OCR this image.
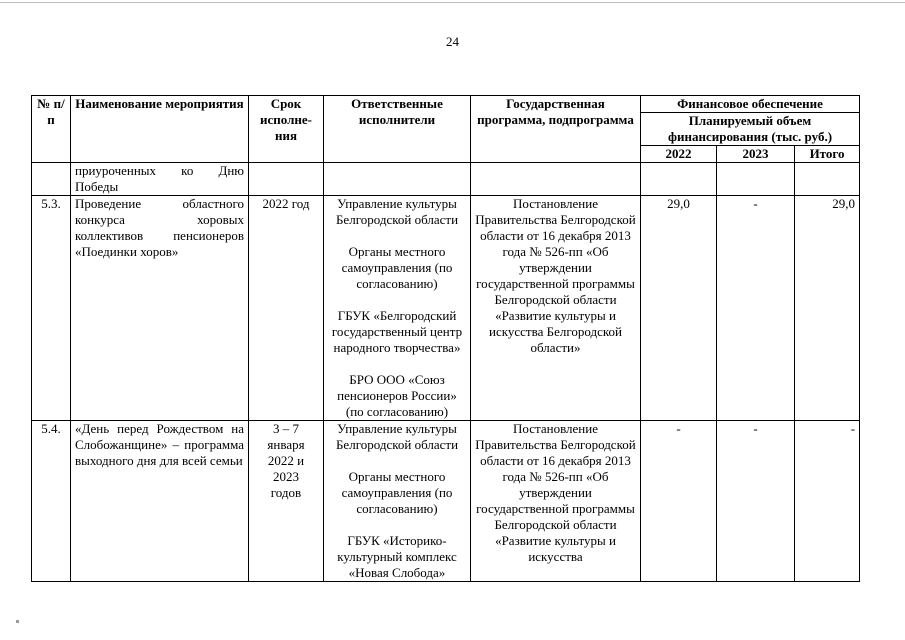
24
№ п/п	Наименование мероприятия	Срок исполне-ния	Ответственные исполнители	Государственная программа, подпрограмма	Финансовое обеспечение		
					Планируемый объем финансирования (тыс. руб.)		
					2022	2023	Итого
	приуроченных ко Дню Победы						
5.3.	Проведение областного конкурса хоровых коллективов пенсионеров «Поединки хоров»	2022 год	Управление культуры Белгородской области
Органы местного самоуправления (по согласованию)
ГБУК «Белгородский государственный центр народного творчества»
БРО ООО «Союз пенсионеров России» (по согласованию)	Постановление Правительства Белгородской области от 16 декабря 2013 года № 526-пп «Об утверждении государственной программы Белгородской области «Развитие культуры и искусства Белгородской области»	29,0	-	29,0
5.4.	«День перед Рождеством на Слобожанщине» – программа выходного дня для всей семьи	3 – 7 января 2022 и 2023 годов	Управление культуры Белгородской области
Органы местного самоуправления (по согласованию)
ГБУК «Историко-культурный комплекс «Новая Слобода»	Постановление Правительства Белгородской области от 16 декабря 2013 года № 526-пп «Об утверждении государственной программы Белгородской области «Развитие культуры и искусства	-	-	-
